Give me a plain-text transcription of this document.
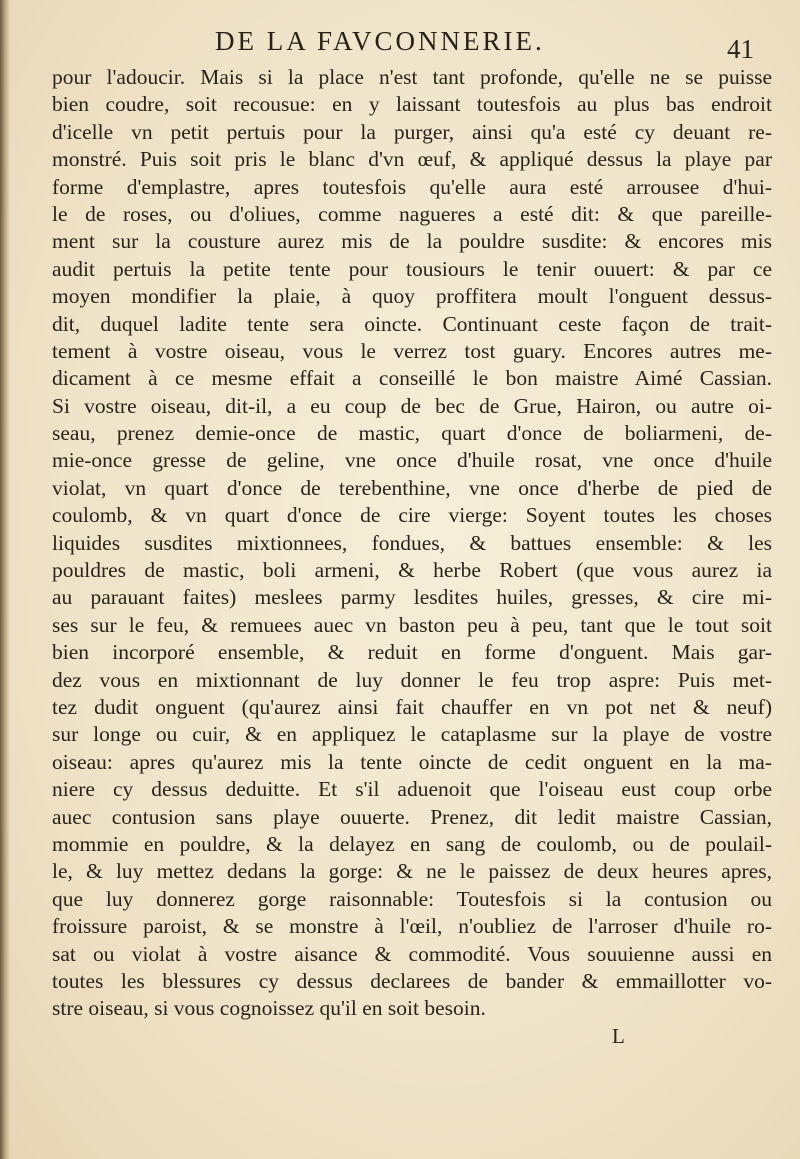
DE LA FAVCONNERIE.	41
pour l'adoucir. Mais si la place n'est tant profonde, qu'elle ne se puisse
bien coudre, soit recousue: en y laissant toutesfois au plus bas endroit
d'icelle vn petit pertuis pour la purger, ainsi qu'a esté cy deuant re-
monstré. Puis soit pris le blanc d'vn œuf, & appliqué dessus la playe par
forme d'emplastre, apres toutesfois qu'elle aura esté arrousee d'hui-
le de roses, ou d'oliues, comme nagueres a esté dit: & que pareille-
ment sur la cousture aurez mis de la pouldre susdite: & encores mis
audit pertuis la petite tente pour tousiours le tenir ouuert: & par ce
moyen mondifier la plaie, à quoy proffitera moult l'onguent dessus-
dit, duquel ladite tente sera oincte. Continuant ceste façon de trait-
tement à vostre oiseau, vous le verrez tost guary. Encores autres me-
dicament à ce mesme effait a conseillé le bon maistre Aimé Cassian.
Si vostre oiseau, dit-il, a eu coup de bec de Grue, Hairon, ou autre oi-
seau, prenez demie-once de mastic, quart d'once de boliarmeni, de-
mie-once gresse de geline, vne once d'huile rosat, vne once d'huile
violat, vn quart d'once de terebenthine, vne once d'herbe de pied de
coulomb, & vn quart d'once de cire vierge: Soyent toutes les choses
liquides susdites mixtionnees, fondues, & battues ensemble: & les
pouldres de mastic, boli armeni, & herbe Robert (que vous aurez ia
au parauant faites) meslees parmy lesdites huiles, gresses, & cire mi-
ses sur le feu, & remuees auec vn baston peu à peu, tant que le tout soit
bien incorporé ensemble, & reduit en forme d'onguent. Mais gar-
dez vous en mixtionnant de luy donner le feu trop aspre: Puis met-
tez dudit onguent (qu'aurez ainsi fait chauffer en vn pot net & neuf)
sur longe ou cuir, & en appliquez le cataplasme sur la playe de vostre
oiseau: apres qu'aurez mis la tente oincte de cedit onguent en la ma-
niere cy dessus deduitte. Et s'il aduenoit que l'oiseau eust coup orbe
auec contusion sans playe ouuerte. Prenez, dit ledit maistre Cassian,
mommie en pouldre, & la delayez en sang de coulomb, ou de poulail-
le, & luy mettez dedans la gorge: & ne le paissez de deux heures apres,
que luy donnerez gorge raisonnable: Toutesfois si la contusion ou
froissure paroist, & se monstre à l'œil, n'oubliez de l'arroser d'huile ro-
sat ou violat à vostre aisance & commodité. Vous souuienne aussi en
toutes les blessures cy dessus declarees de bander & emmaillotter vo-
stre oiseau, si vous cognoissez qu'il en soit besoin.
L
